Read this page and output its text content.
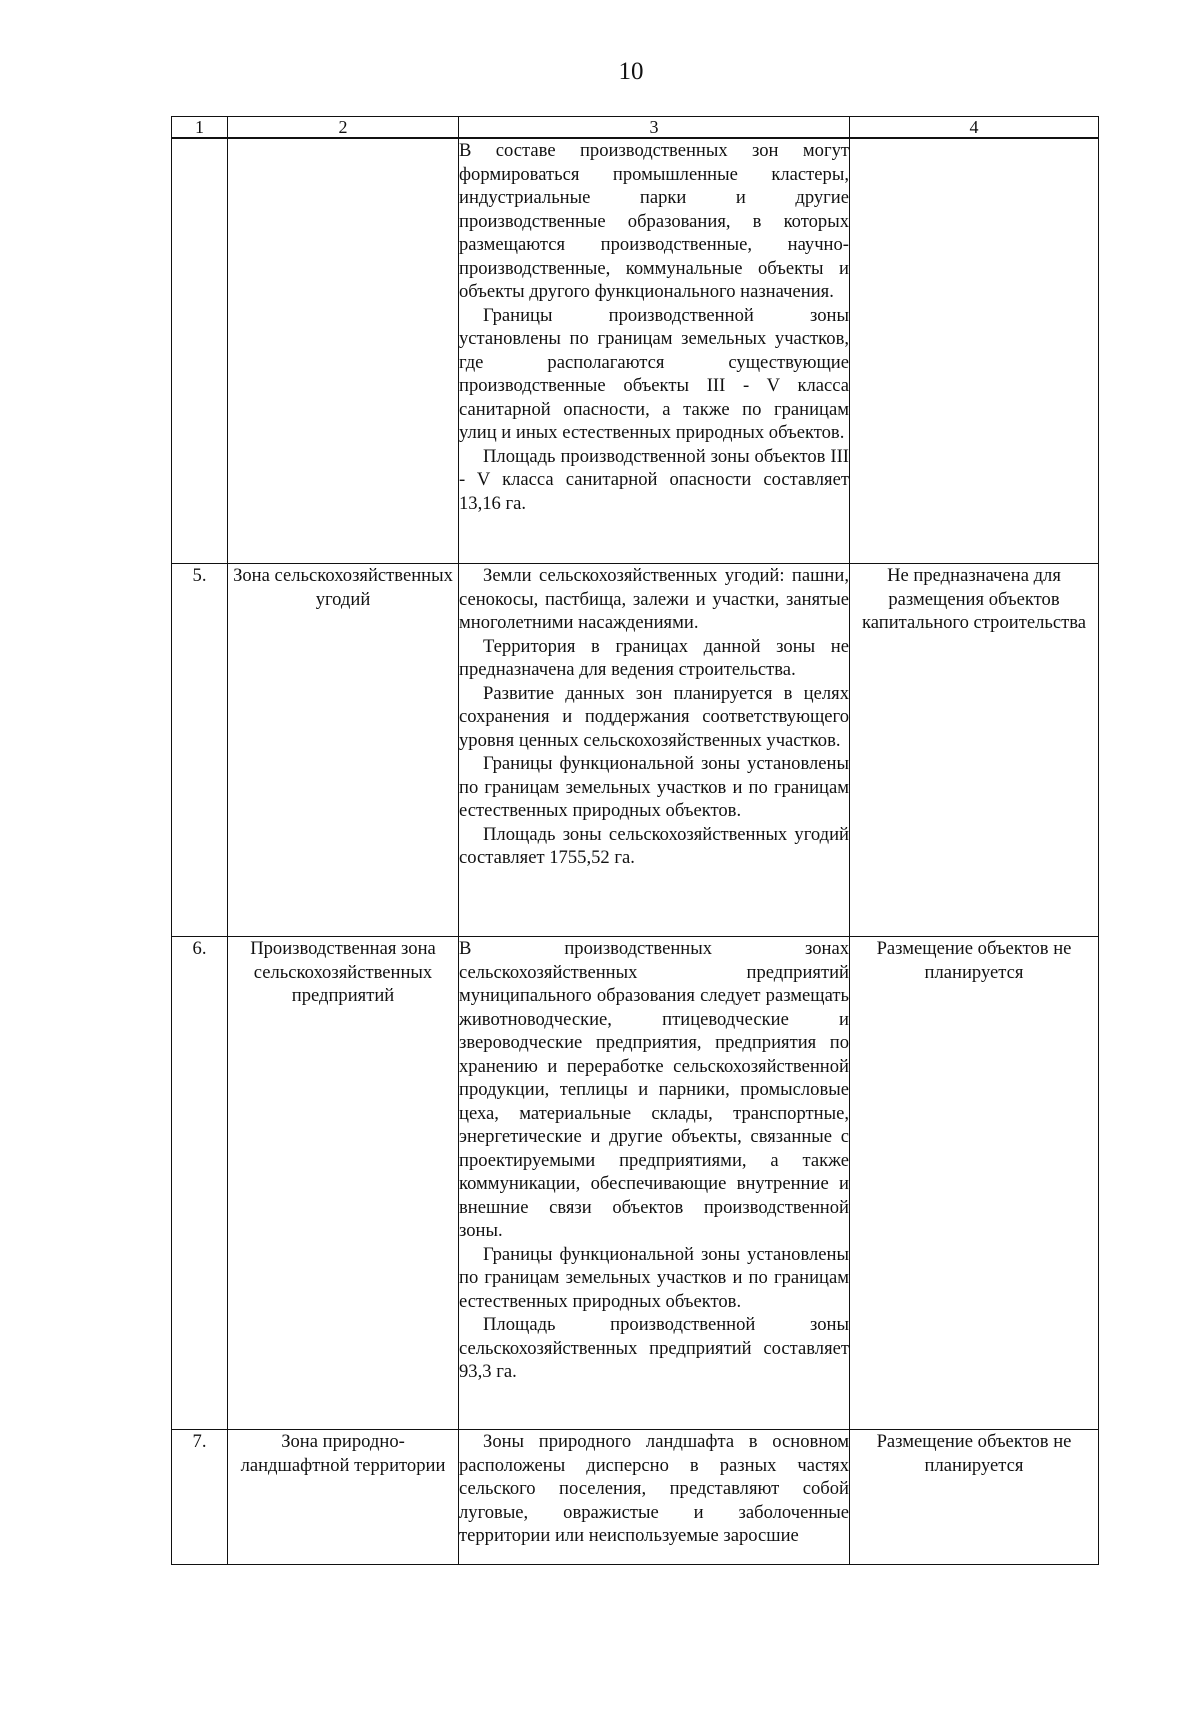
10
1	2	3	4

		В составе производственных зон могут формироваться промышленные кластеры, индустриальные парки и другие производственные образования, в которых размещаются производственные, научно-производственные, коммунальные объекты и объекты другого функционального назначения.

Границы производственной зоны установлены по границам земельных участков, где располагаются существующие производственные объекты III - V класса санитарной опасности, а также по границам улиц и иных естественных природных объектов.

Площадь производственной зоны объектов III - V класса санитарной опасности составляет 13,16 га.	

5.	Зона сельскохозяйственных угодий	Земли сельскохозяйственных угодий: пашни, сенокосы, пастбища, залежи и участки, занятые многолетними насаждениями.

Территория в границах данной зоны не предназначена для ведения строительства.

Развитие данных зон планируется в целях сохранения и поддержания соответствующего уровня ценных сельскохозяйственных участков.

Границы функциональной зоны установлены по границам земельных участков и по границам естественных природных объектов.

Площадь зоны сельскохозяйственных угодий составляет 1755,52 га.	Не предназначена для размещения объектов капитального строительства
6.	Производственная зона сельскохозяйственных предприятий	В производственных зонах сельскохозяйственных предприятий муниципального образования следует размещать животноводческие, птицеводческие и звероводческие предприятия, предприятия по хранению и переработке сельскохозяйственной продукции, теплицы и парники, промысловые цеха, материальные склады, транспортные, энергетические и другие объекты, связанные с проектируемыми предприятиями, а также коммуникации, обеспечивающие внутренние и внешние связи объектов производственной зоны.

Границы функциональной зоны установлены по границам земельных участков и по границам естественных природных объектов.

Площадь производственной зоны сельскохозяйственных предприятий составляет 93,3 га.	Размещение объектов не планируется
7.	Зона природно-ландшафтной территории	Зоны природного ландшафта в основном расположены дисперсно в разных частях сельского поселения, представляют собой луговые, овражистые и заболоченные территории или неиспользуемые заросшие	Размещение объектов не планируется
